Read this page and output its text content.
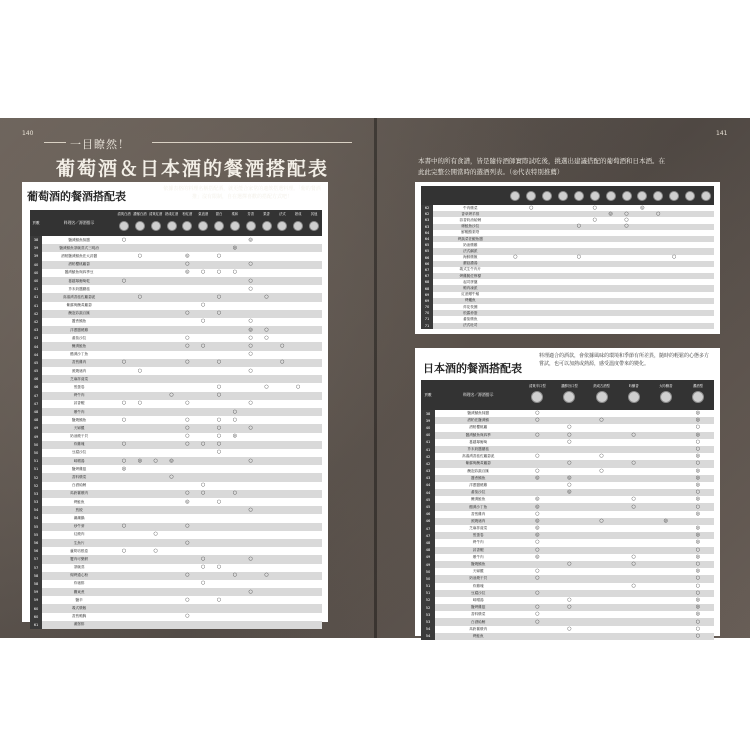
140	141
一目瞭然！
葡萄酒＆日本酒的餐酒搭配表	本書中的所有食譜，皆是隨侍酒師實際試吃後，挑選出建議搭配的葡萄酒和日本酒。在此此完整公開當時的選酒列表。（◎代表特別推薦）
葡萄酒的餐酒搭配表
依據表格的料理名稱搭配酒，就更能合家常的適飲搭選料理。「葡的餐酒推」沒有限制，自在選擇喜歡的搭配方式吧！
頁數	料理名／源酒搭示	清爽白酒	濃郁白酒	清爽紅酒	熟成紅酒	粉紅酒	氣泡酒	甜白	柔和	芳香	果香	法式	熟成	其他

38	鹽漬鯖魚抹醬	○								◎				
39	鹽漬鯖魚茶碗蒸式三明治								◎					
39	酒粕鹽漬鯖魚佐大蒜醬		○			◎		○						
40	酒粕櫻桃蘿蔔					○				○				
40	醬漬鯖魚與四季豆					◎	○	○	○					
40	蔓越莓葡萄乾	○								○				
41	芥末奶醬蘑菇									○				
41	高湯漬香菇佐蘿蔔泥		○					○			○			
41	紫蘇與醃黃蘿蔔						○							
42	醃泡彩蔬百匯					○		○						
42	醬煮鯖魚						○			○				
43	洋蔥醬燒雞									◎	○			
43	番茄沙拉					○				○	○			
44	醃漬鮭魚					○	○			○		○		
44	醋漬沙丁魚									○				
45	香煎雞肉	○				○		○				○		
45	照燒豬肉		○							○				
46	芝麻拌菠菜													
46	煎蛋卷							○			○		○	
47	烤牛肉				○			○						
47	蒜香蝦	○	○			○				○				
48	燉牛肉								○					
48	鹽燒鯖魚	○				○		○	○					
49	天婦羅					○		○		○				
49	奶油燒干貝					○		○	◎					
50	炸雞塊	○				○	○	○						
50	豆腐沙拉							○						
51	味噌湯	○	◎	○	◎					○				
51	鹽烤雞翅	◎												
52	香料燉菜				○									
52	白酒蛤蜊						○							
53	馬鈴薯燉肉					○	○		○					
53	烤鮭魚					◎		○						
54	煎餃									○				
54	涮涮鍋													
55	炒牛蒡	○				○								
55	紅燒肉			○										
56	生魚片					○								
56	蘆筍培根卷	○		○										
57	蟹肉可樂餅						○			○				
57	茶碗蒸						○	○						
58	焗烤通心粉					○			○		○			
58	炸豬排						○							
59	關東煮									○				
59	鹽辛					○		○						
60	義式燉飯													
60	香煎鴨胸					○								
61	漢堡排													

62	牛肉燉菜		○				○			◎				
62	香草烤羊排							◎	○		○			
63	蒜香奶油蛤蜊						○		○					
63	燻鮭魚沙拉					○			○					
64	鮮蝦酪梨塔													
64	烤蔬菜佐鯷魚醬													
65	奶油燉雞													
65	法式鹹派													
66	海鮮燉飯	○				○						○		
66	蘑菇濃湯													
67	義式生牛肉片													
67	烤雞腿佐檸檬													
68	起司拼盤													
68	鴨肉凍派													
69	紅酒燉牛頰													
69	烤鱸魚													
70	炸花枝圈													
70	松露炒蛋													
71	番茄燉魚													
71	法式吐司													
日本酒的餐酒搭配表
料理適合的酒款，會依據風味的環境和季節有所差異，隨時的輕鬆的心態多方嘗試，也可以加熱或熱源，感受溫度帶來的變化。
頁數	料理名／源酒搭示	清爽辛口型	濃醇旨口型	熟成古酒型	吟醸香	大吟醸香	濁酒型

38	鹽漬鯖魚抹醬	○					◎
39	酒粕佐鹽漬鯖	○		○			◎
40	酒粕櫻桃蘿		○				○
40	醬漬鯖魚與四季	○	○		○		◎
41	蔓越莓葡萄		○				○
41	芥末奶醬蘑菇						○
42	高湯漬香菇佐蘿蔔泥	○		○			◎
42	紫蘇與醃黃蘿蔔		○		○		○
43	醃泡彩蔬百匯	○		○			◎
43	醬煮鯖魚	◎	◎				◎
44	洋蔥醬燒雞		○				◎
44	番茄沙拉		◎				○
45	醃漬鮭魚	◎			○		◎
45	醋漬沙丁魚	◎			○		○
46	香煎雞肉	○					◎
46	照燒豬肉	◎		○		◎	
47	芝麻拌菠菜	◎					◎
47	煎蛋卷	◎					◎
48	烤牛肉	○					◎
48	蒜香蝦	○					○
49	燉牛肉	◎			○		◎
49	鹽燒鯖魚		○		○		○
50	天婦羅	○					◎
50	奶油燒干貝	○					○
51	炸雞塊				○		○
51	豆腐沙拉	○					○
52	味噌湯		○				◎
52	鹽烤雞翅	○	○				◎
53	香料燉菜	○					◎
53	白酒蛤蜊	○					○
54	馬鈴薯燉肉		○				○
54	烤鮭魚						○
